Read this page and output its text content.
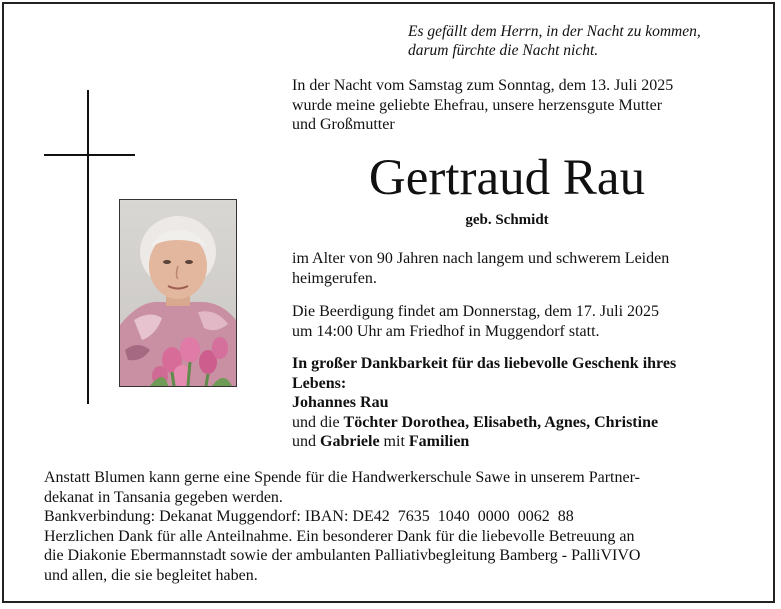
Es gefällt dem Herrn, in der Nacht zu kommen,
darum fürchte die Nacht nicht.
In der Nacht vom Samstag zum Sonntag, dem 13. Juli 2025
wurde meine geliebte Ehefrau, unsere herzensgute Mutter
und Großmutter
Gertraud Rau
geb. Schmidt
im Alter von 90 Jahren nach langem und schwerem Leiden
heimgerufen.
Die Beerdigung findet am Donnerstag, dem 17. Juli 2025
um 14:00 Uhr am Friedhof in Muggendorf statt.
In großer Dankbarkeit für das liebevolle Geschenk ihres
Lebens:
Johannes Rau
und die Töchter Dorothea, Elisabeth, Agnes, Christine
und Gabriele mit Familien
Anstatt Blumen kann gerne eine Spende für die Handwerkerschule Sawe in unserem Partner-
dekanat in Tansania gegeben werden.
Bankverbindung: Dekanat Muggendorf: IBAN: DE42  7635  1040  0000  0062  88
Herzlichen Dank für alle Anteilnahme. Ein besonderer Dank für die liebevolle Betreuung an
die Diakonie Ebermannstadt sowie der ambulanten Palliativbegleitung Bamberg - PalliVIVO
und allen, die sie begleitet haben.
